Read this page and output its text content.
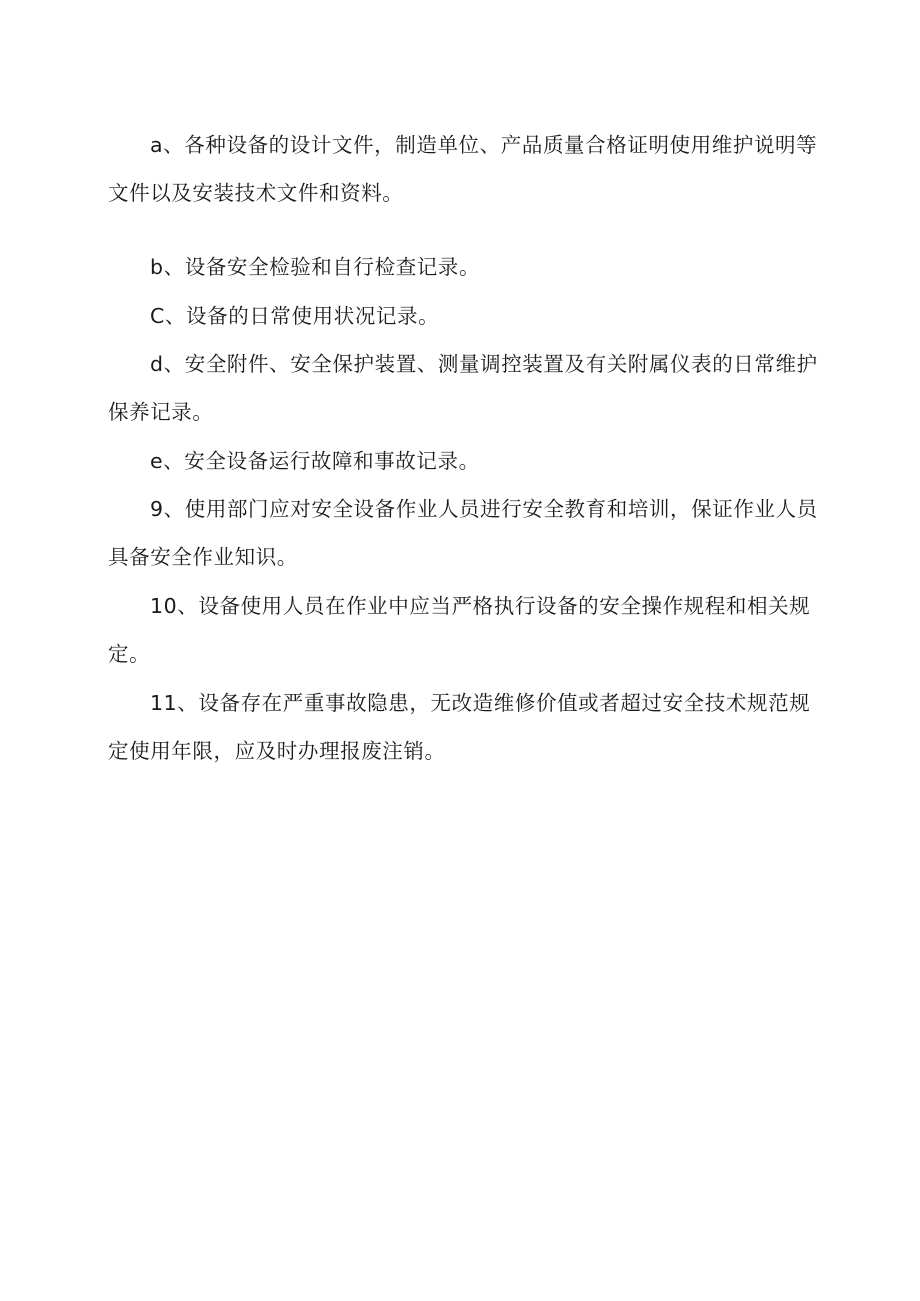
a、各种设备的设计文件，制造单位、产品质量合格证明使用维护说明等文件以及安装技术文件和资料。

b、设备安全检验和自行检查记录。

C、设备的日常使用状况记录。

d、安全附件、安全保护装置、测量调控装置及有关附属仪表的日常维护保养记录。

e、安全设备运行故障和事故记录。

9、使用部门应对安全设备作业人员进行安全教育和培训，保证作业人员具备安全作业知识。

10、设备使用人员在作业中应当严格执行设备的安全操作规程和相关规定。

11、设备存在严重事故隐患，无改造维修价值或者超过安全技术规范规定使用年限，应及时办理报废注销。
